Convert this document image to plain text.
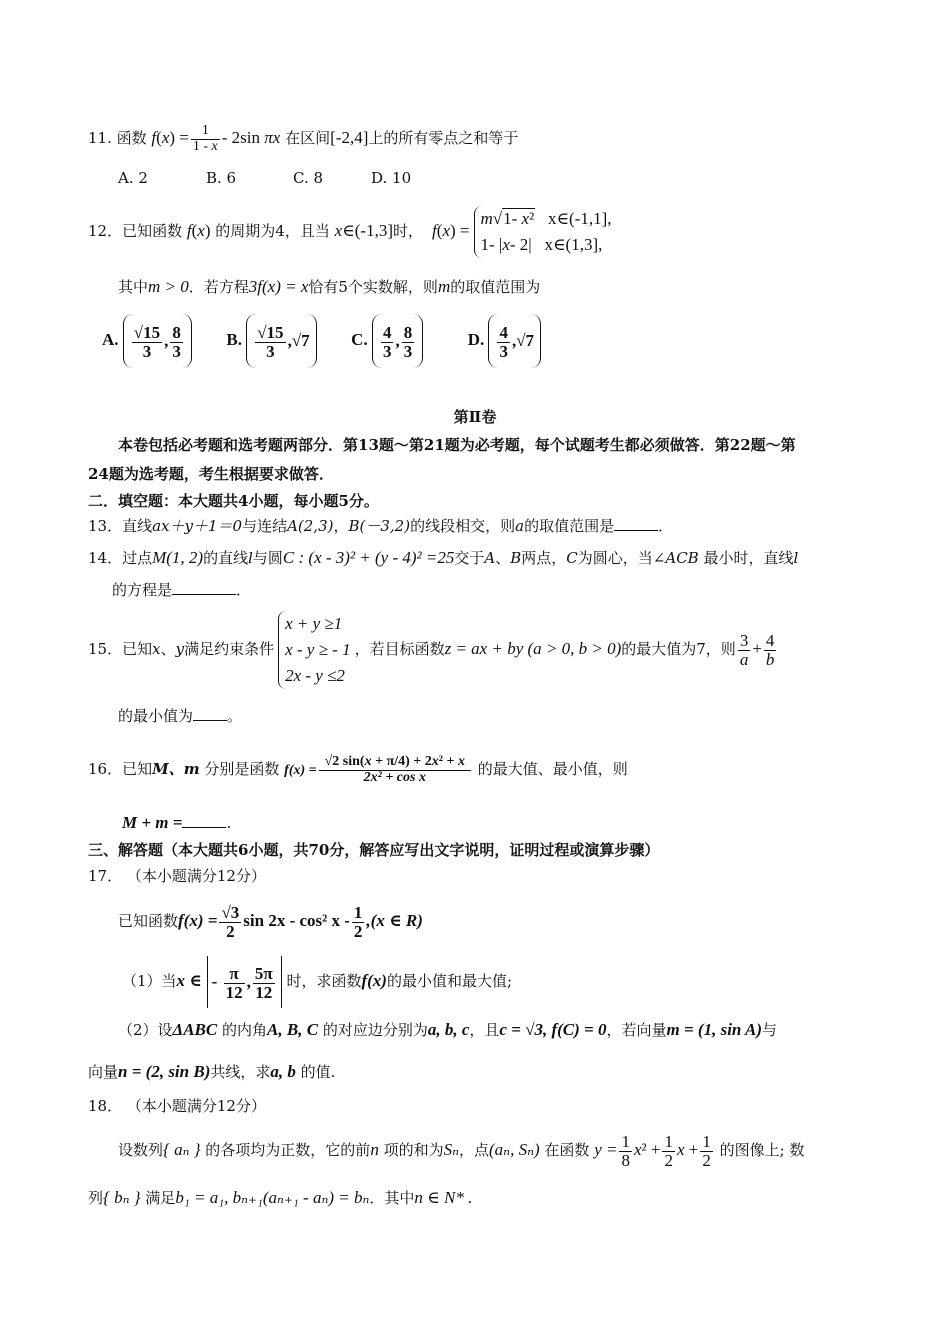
11. 函数 $f(x) = \frac{1}{1 - x} - 2\sin$ πx 在区间[-2,4]上的所有零点之和等于
A. 2	B. 6	C. 8	D. 10
12．已知函数 f(x) 的周期为4，且当 x∈(-1,3]时， f(x) =
m√1- x² x∈(-1,1],
1- |x- 2|   x∈(1,3],
其中m > 0．若方程3f(x) = x恰有5个实数解，则m的取值范围为
A. $\frac{√15}{3}$ , $\frac{8}{3}$	B. $\frac{√15}{3} ,√7$ C. $\frac{4}{3}$ , $\frac{8}{3}$	D. $\frac{4}{3} ,√7$
第Ⅱ卷
本卷包括必考题和选考题两部分．第13题～第21题为必考题，每个试题考生都必须做答．第22题～第
24题为选考题，考生根据要求做答．
二．填空题：本大题共4小题，每小题5分。
13．直线ax＋y＋1＝0与连结A(2,3)，B(－3,2)的线段相交，则a的取值范围是	．
14．过点M(1, 2)的直线l与圆C : (x - 3)² + (y - 4)² =25交于A、B两点，C为圆心，当∠ACB 最小时，直线l
的方程是	．
15．已知x、y满足约束条件
x + y ≥1
x - y ≥ - 1
2x - y ≤2
，若目标函数z = ax + by (a > 0, b > 0)的最大值为7，则 $\frac{3}{a} + \frac{4}{b}$
的最小值为 。
16．已知M、m 分别是函数 $f(x) = \frac{\text{√2 sin(x + π/4) + 2x² + x}}{\text{2x² + cos x}}$ 的最大值、最小值，则
M + m =	.
三、解答题（本大题共6小题，共70分，解答应写出文字说明，证明过程或演算步骤）
17． （本小题满分12分）
已知函数$f(x) = \frac{√3}{2}$ sin 2x - cos² x - $\frac{1}{2} ,(x$ ∈ R)
（1）当x ∈ - $\frac{\pi}{12}$ , $\frac{5\pi}{12}$ 时，求函数f(x)的最小值和最大值;
（2）设ΔABC 的内角A, B, C 的对应边分别为a, b, c，且c = √3, f(C) = 0，若向量m = (1, sin A)与
向量n = (2, sin B)共线，求a, b 的值.
18． （本小题满分12分）
设数列{ aₙ } 的各项均为正数，它的前n 项的和为Sₙ，点(aₙ, Sₙ) 在函数 $y = \frac{1}{8} x^2 + \frac{1}{2}$ $x + \frac{1}{2}$ 的图像上; 数
列{ bₙ } 满足b₁ = a₁, bₙ₊₁(aₙ₊₁ - aₙ) = bₙ．其中n ∈ N* .
